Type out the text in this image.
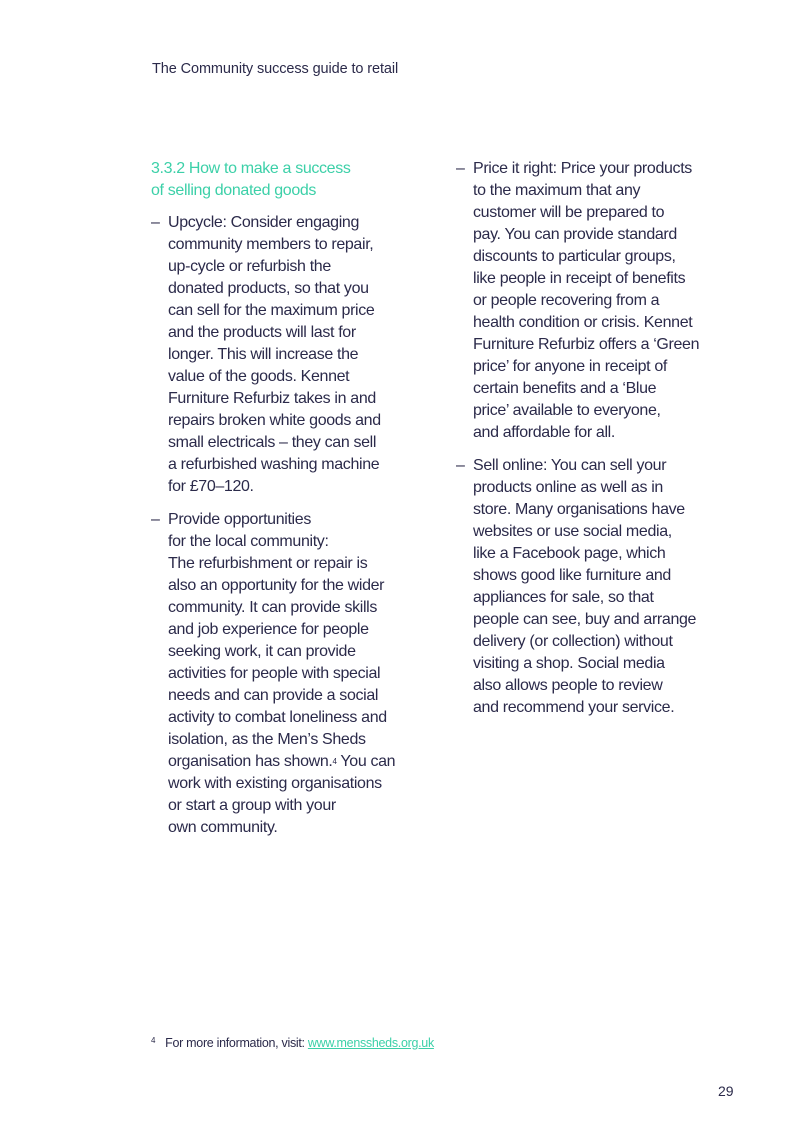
The Community success guide to retail
3.3.2 How to make a success
of selling donated goods
– Upcycle: Consider engaging
community members to repair,
up-cycle or refurbish the
donated products, so that you
can sell for the maximum price
and the products will last for
longer. This will increase the
value of the goods. Kennet
Furniture Refurbiz takes in and
repairs broken white goods and
small electricals – they can sell
a refurbished washing machine
for £70–120.
– Provide opportunities
for the local community:
The refurbishment or repair is
also an opportunity for the wider
community. It can provide skills
and job experience for people
seeking work, it can provide
activities for people with special
needs and can provide a social
activity to combat loneliness and
isolation, as the Men’s Sheds
organisation has shown.$^4$ You can
work with existing organisations
or start a group with your
own community.
– Price it right: Price your products
to the maximum that any
customer will be prepared to
pay. You can provide standard
discounts to particular groups,
like people in receipt of benefits
or people recovering from a
health condition or crisis. Kennet
Furniture Refurbiz offers a ‘Green
price’ for anyone in receipt of
certain benefits and a ‘Blue
price’ available to everyone,
and affordable for all.
– Sell online: You can sell your
products online as well as in
store. Many organisations have
websites or use social media,
like a Facebook page, which
shows good like furniture and
appliances for sale, so that
people can see, buy and arrange
delivery (or collection) without
visiting a shop. Social media
also allows people to review
and recommend your service.
$^4$ For more information, visit: www.menssheds.org.uk
29
